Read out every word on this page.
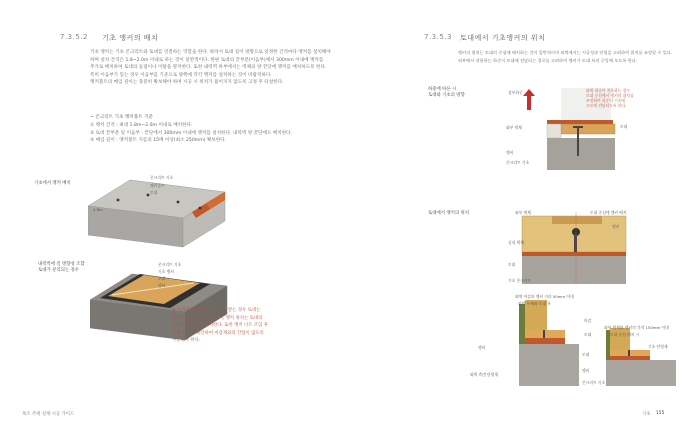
7.3.5.2 기초 앵커의 배치
기초 앵커는 기초 콘크리트와 토대를 연결하는 역할을 한다. 따라서 토대 길이 방향으로 일정한 간격마다 앵커를 설치해야
하며 설치 간격은 1.8~2.0m 이내로 하는 것이 일반적이다. 한편 토대의 끝부분(이음부)에서 300mm 이내에 앵커를
추가로 배치하여 토대의 들림이나 이탈을 방지한다. 또한 내력벽 하부에서는 벽체의 양 끝단에 앵커를 배치하도록 한다.
특히 이음부가 있는 경우 이음부를 기준으로 양쪽에 각각 앵커를 설치하는 것이 바람직하다.
앵커볼트의 매입 깊이는 충분히 확보해야 하며 시공 시 위치가 틀어지지 않도록 고정 후 타설한다.
~ 콘크리트 기초 앵커볼트 기준
① 앵커 간격 : 최대 1.8m~2.0m 이내로 배치한다.
② 토대 끝부분 및 이음부 : 끝단에서 300mm 이내에 앵커를 설치한다. 내력벽 양 끝단에도 배치한다.
③ 매입 깊이 : 앵커볼트 지름의 15배 이상(최소 250mm) 확보한다.
기초에서 앵커 배치
콘크리트 기초
1.8m
앵커볼트
토대
내력벽에 걸 방향성 조합
토대가 분리되는 경우
콘크리트 기초
기초 앵커
토대
앵커
※ 수직하중과 횡력을 동시에 받는 경우 토대는
앵커와 함께 작동해야 하며, 앵커 위치는 토대의
중심선에 맞추어 배치한다. 또한 앵커 너트 조임 후
돌출 길이를 확인하여 마감재와의 간섭이 없도록
시공해야 한다.
목조 주택 설계·시공 가이드
7.3.5.3 토대에서 기초앵커의 위치
앵커의 위치는 토대의 중심에 배치하는 것이 일반적이며 외벽에서는 시공성과 단열을 고려하여 위치를 조정할 수 있다.
외부에서 작용하는 하중이 토대에 전달되는 경로를 고려하여 앵커가 토대 폭의 중앙에 오도록 한다.
하중에 따른 시
토대와 기초의 방향
상부하중
외부 벽체	토대
앵커
콘크리트 기초
외벽 하중이 작용하는 경우
토대 중심에서 앵커의 위치를
조정하여 하중이 기초에
고르게 전달되도록 한다.
토대에서 앵커의 위치	외부 벽체	토대 중심에 앵커 배치
실내 벽체
토대
앵커
기초 콘크리트
외벽 마감과 앵커 거리 50mm 이내
외벽 두께와 토대 폭
마감
토대
앵커
외벽 측면 단열재
외부 벽체와 앵커의 간격 150mm 이내
토대 중심 배치 시
기초 단열재
토대
앵커
콘크리트 기초
기초 155
